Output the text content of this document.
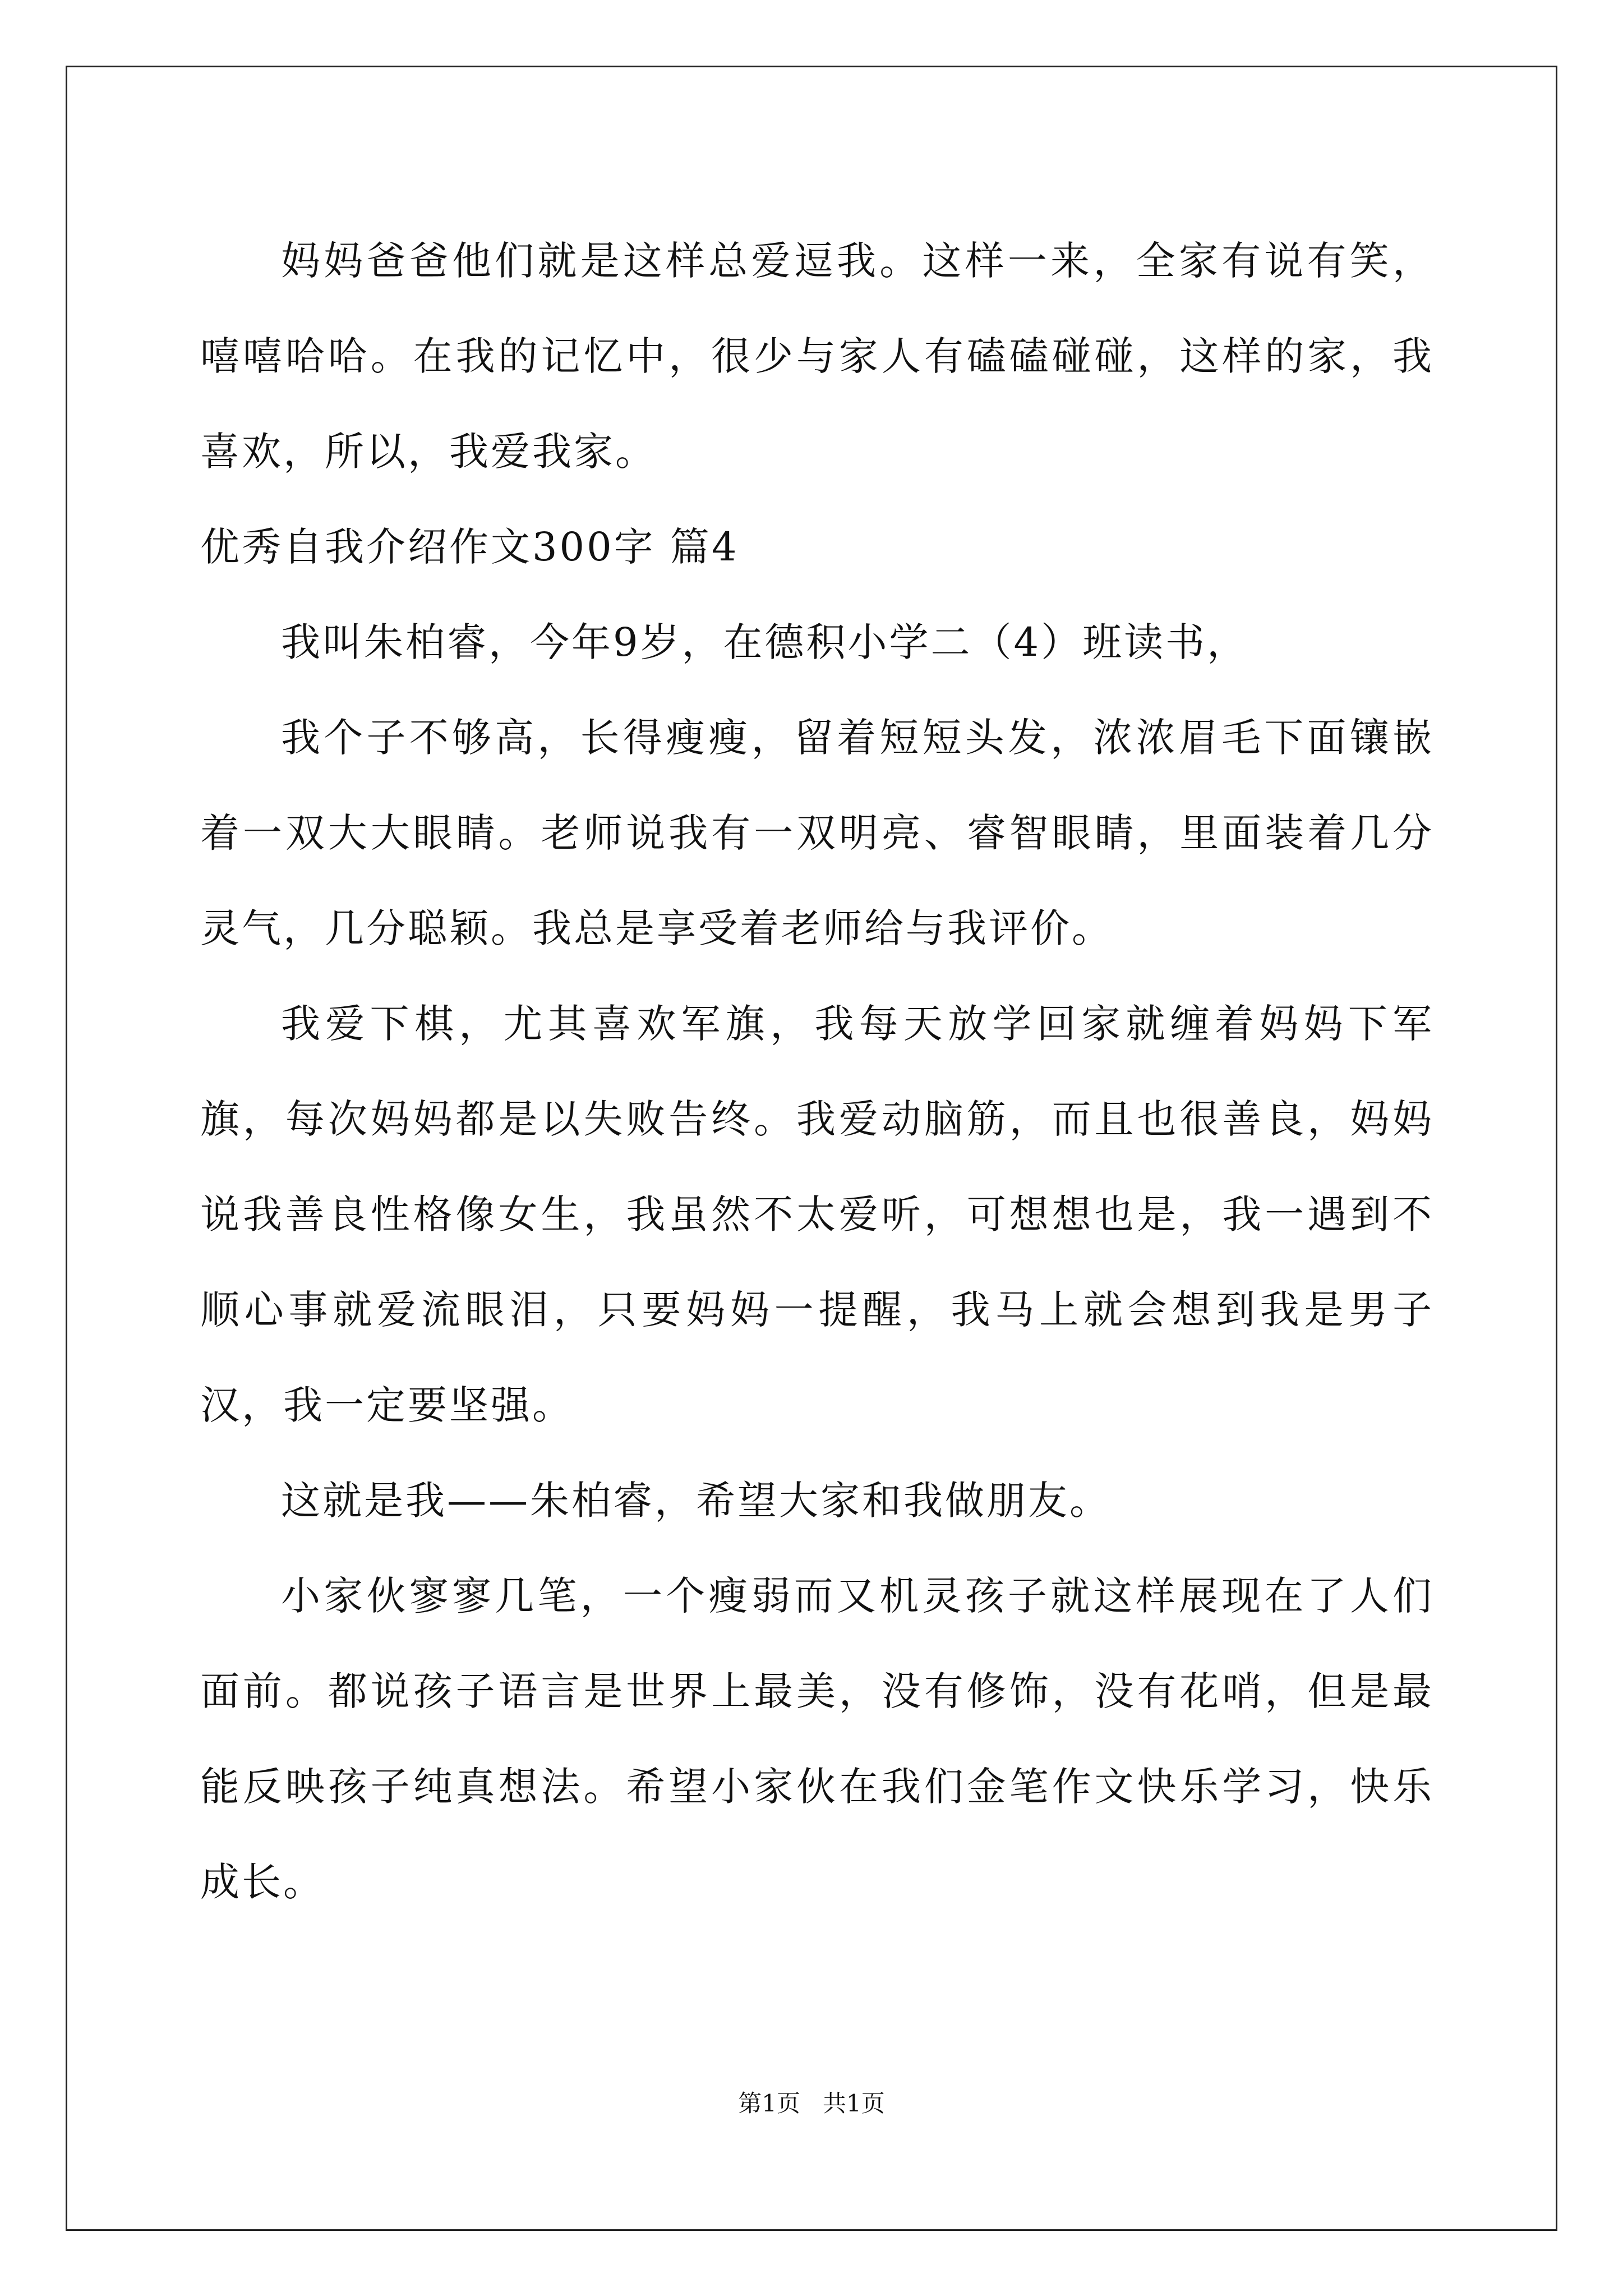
妈妈爸爸他们就是这样总爱逗我。这样一来，全家有说有笑，嘻嘻哈哈。在我的记忆中，很少与家人有磕磕碰碰，这样的家，我喜欢，所以，我爱我家。

优秀自我介绍作文300字 篇4

我叫朱柏睿，今年9岁，在德积小学二（4）班读书，

我个子不够高，长得瘦瘦，留着短短头发，浓浓眉毛下面镶嵌着一双大大眼睛。老师说我有一双明亮、睿智眼睛，里面装着几分灵气，几分聪颖。我总是享受着老师给与我评价。

我爱下棋，尤其喜欢军旗，我每天放学回家就缠着妈妈下军旗，每次妈妈都是以失败告终。我爱动脑筋，而且也很善良，妈妈说我善良性格像女生，我虽然不太爱听，可想想也是，我一遇到不顺心事就爱流眼泪，只要妈妈一提醒，我马上就会想到我是男子汉，我一定要坚强。

这就是我——朱柏睿，希望大家和我做朋友。

小家伙寥寥几笔，一个瘦弱而又机灵孩子就这样展现在了人们面前。都说孩子语言是世界上最美，没有修饰，没有花哨，但是最能反映孩子纯真想法。希望小家伙在我们金笔作文快乐学习，快乐成长。

第1页 共1页
